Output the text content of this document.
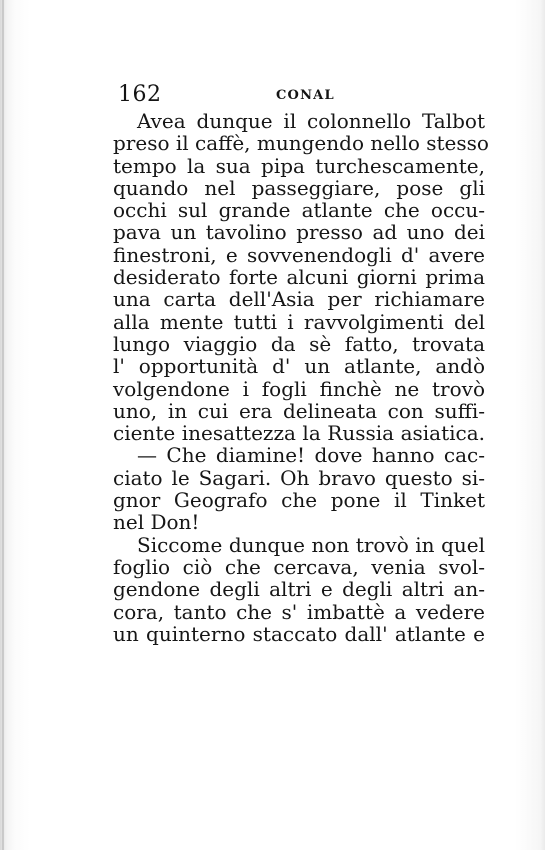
162	CONAL
Avea dunque il colonnello Talbot
preso il caffè, mungendo nello stesso
tempo la sua pipa turchescamente,
quando nel passeggiare, pose gli
occhi sul grande atlante che occu-
pava un tavolino presso ad uno dei
finestroni, e sovvenendogli d' avere
desiderato forte alcuni giorni prima
una carta dell'Asia per richiamare
alla mente tutti i ravvolgimenti del
lungo viaggio da sè fatto, trovata
l' opportunità d' un atlante, andò
volgendone i fogli finchè ne trovò
uno, in cui era delineata con suffi-
ciente inesattezza la Russia asiatica.
— Che diamine! dove hanno cac-
ciato le Sagari. Oh bravo questo si-
gnor Geografo che pone il Tinket
nel Don!
Siccome dunque non trovò in quel
foglio ciò che cercava, venia svol-
gendone degli altri e degli altri an-
cora, tanto che s' imbattè a vedere
un quinterno staccato dall' atlante e
